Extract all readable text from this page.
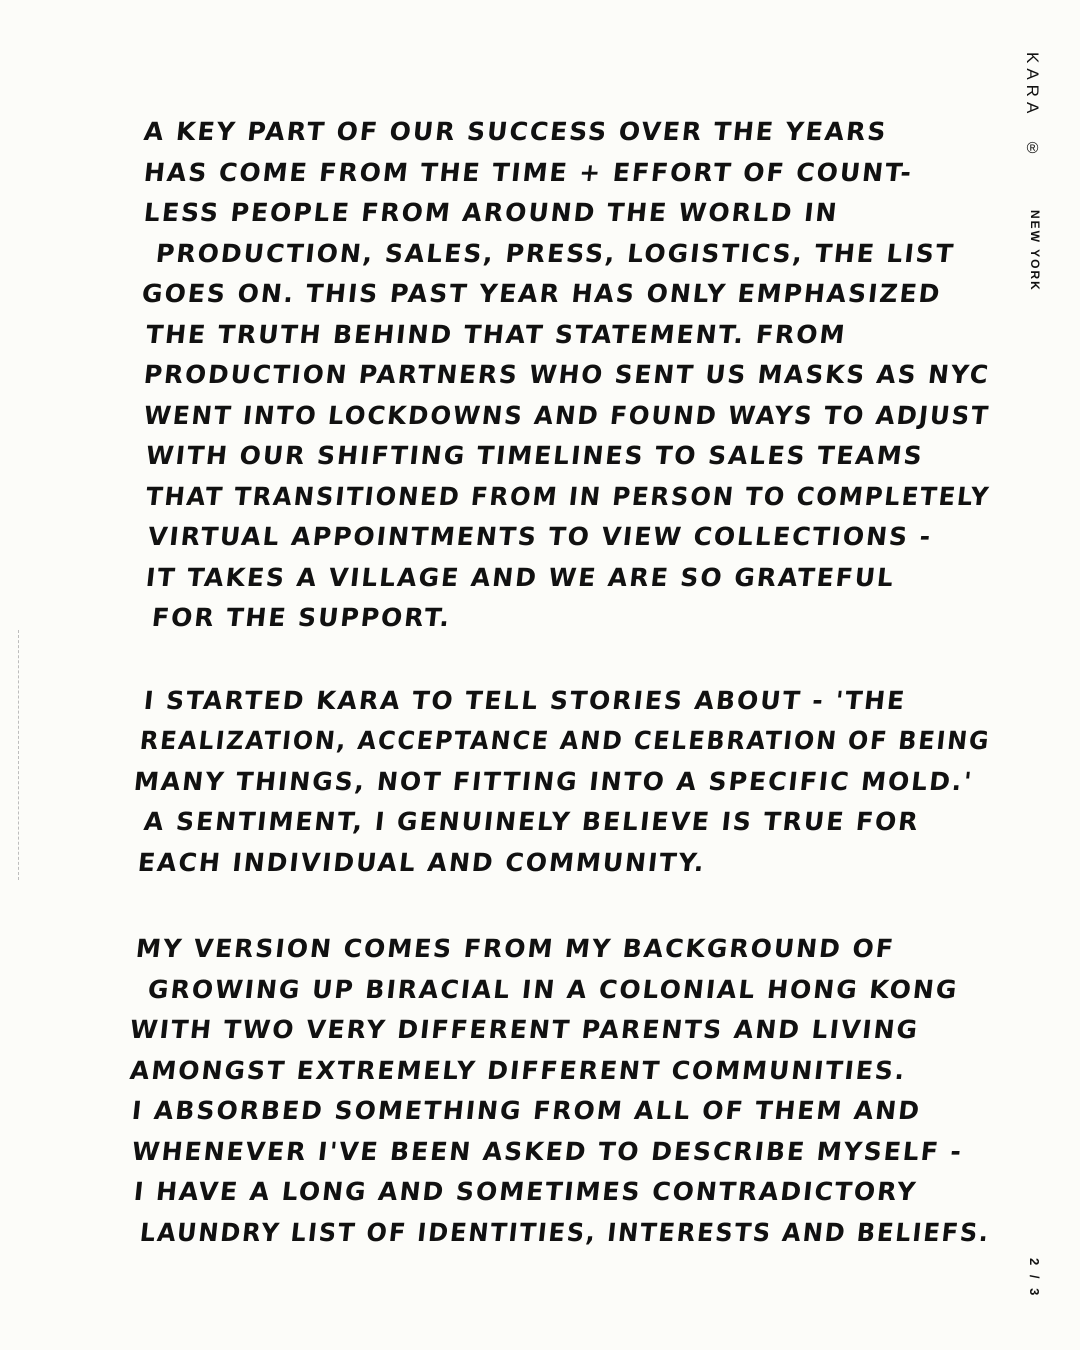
KARA ®
NEW YORK
2 / 3
A KEY PART OF OUR SUCCESS OVER THE YEARS
HAS COME FROM THE TIME + EFFORT OF COUNT-
LESS PEOPLE FROM AROUND THE WORLD IN
PRODUCTION, SALES, PRESS, LOGISTICS, THE LIST
GOES ON. THIS PAST YEAR HAS ONLY EMPHASIZED
THE TRUTH BEHIND THAT STATEMENT. FROM
PRODUCTION PARTNERS WHO SENT US MASKS AS NYC
WENT INTO LOCKDOWNS AND FOUND WAYS TO ADJUST
WITH OUR SHIFTING TIMELINES TO SALES TEAMS
THAT TRANSITIONED FROM IN PERSON TO COMPLETELY
VIRTUAL APPOINTMENTS TO VIEW COLLECTIONS -
IT TAKES A VILLAGE AND WE ARE SO GRATEFUL
FOR THE SUPPORT.
I STARTED KARA TO TELL STORIES ABOUT - 'THE
REALIZATION, ACCEPTANCE AND CELEBRATION OF BEING
MANY THINGS, NOT FITTING INTO A SPECIFIC MOLD.'
A SENTIMENT, I GENUINELY BELIEVE IS TRUE FOR
EACH INDIVIDUAL AND COMMUNITY.
MY VERSION COMES FROM MY BACKGROUND OF
GROWING UP BIRACIAL IN A COLONIAL HONG KONG
WITH TWO VERY DIFFERENT PARENTS AND LIVING
AMONGST EXTREMELY DIFFERENT COMMUNITIES.
I ABSORBED SOMETHING FROM ALL OF THEM AND
WHENEVER I'VE BEEN ASKED TO DESCRIBE MYSELF -
I HAVE A LONG AND SOMETIMES CONTRADICTORY
LAUNDRY LIST OF IDENTITIES, INTERESTS AND BELIEFS.
